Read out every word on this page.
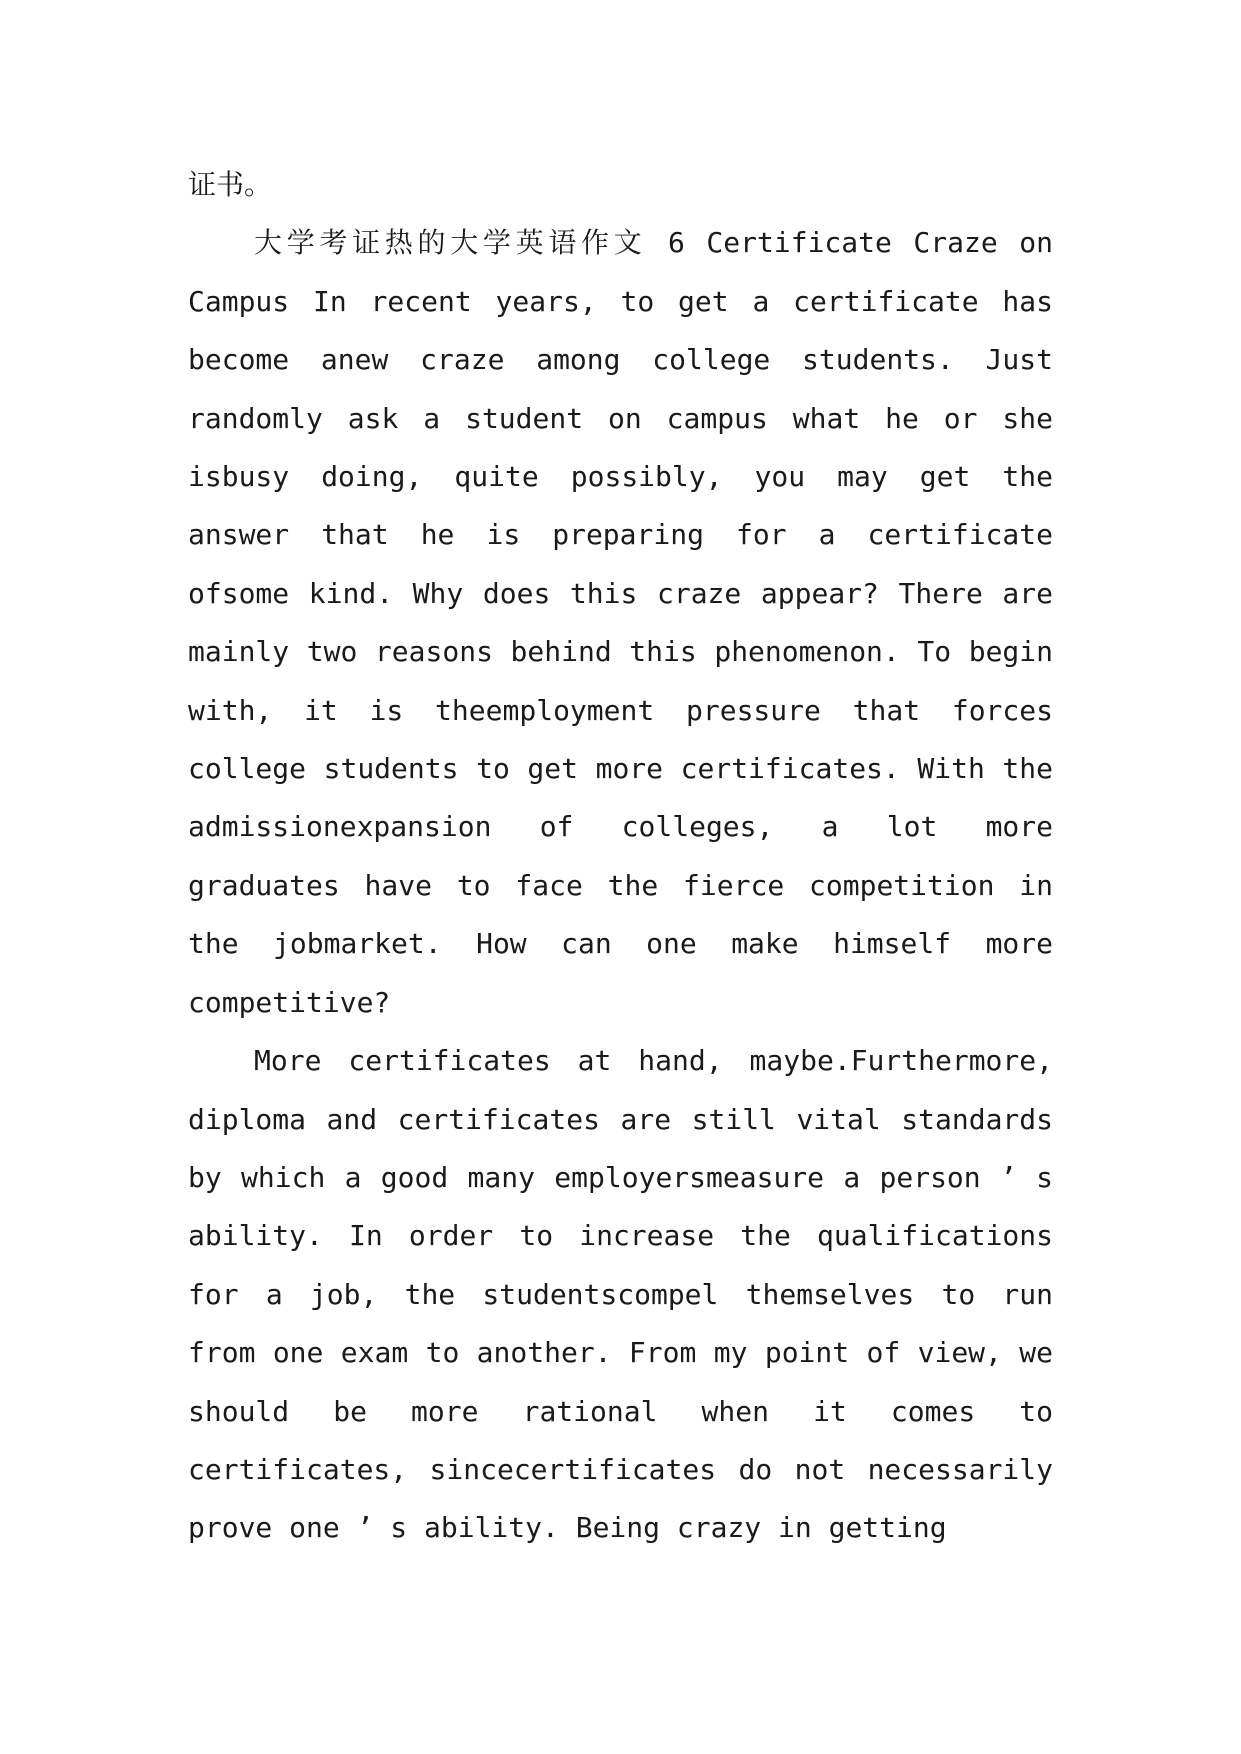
证书。

大学考证热的大学英语作文 6 Certificate Craze on Campus In recent years, to get a certificate has become anew craze among college students. Just randomly ask a student on campus what he or she isbusy doing, quite possibly, you may get the answer that he is preparing for a certificate ofsome kind. Why does this craze appear? There are mainly two reasons behind this phenomenon. To begin with, it is theemployment pressure that forces college students to get more certificates. With the admissionexpansion of colleges, a lot more graduates have to face the fierce competition in the jobmarket. How can one make himself more competitive?

More certificates at hand, maybe.Furthermore, diploma and certificates are still vital standards by which a good many employersmeasure a person ’ s ability. In order to increase the qualifications for a job, the studentscompel themselves to run from one exam to another. From my point of view, we should be more rational when it comes to certificates, sincecertificates do not necessarily prove one ’ s ability. Being crazy in getting
